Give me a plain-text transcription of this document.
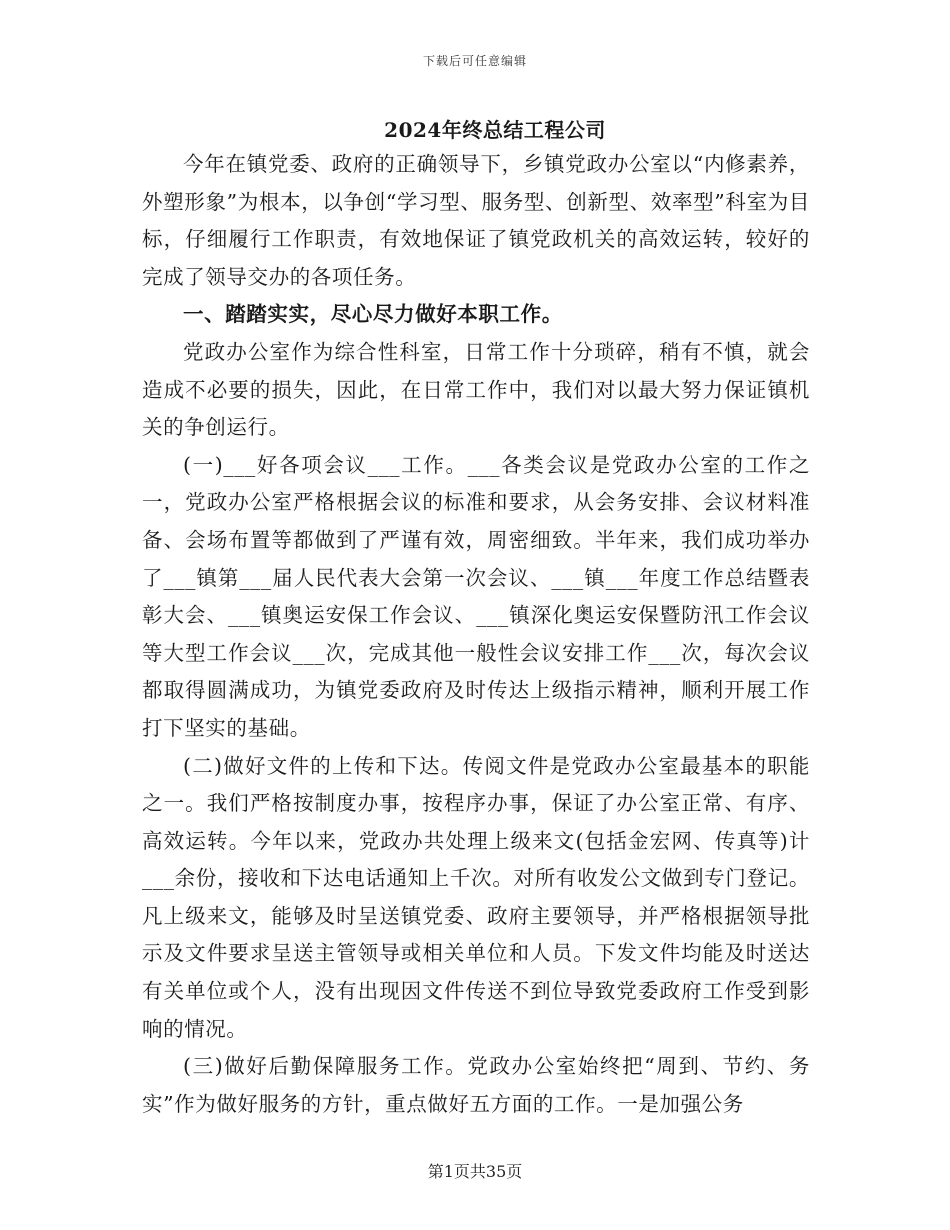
下载后可任意编辑
2024年终总结工程公司

今年在镇党委、政府的正确领导下，乡镇党政办公室以“内修素养，外塑形象”为根本，以争创“学习型、服务型、创新型、效率型”科室为目标，仔细履行工作职责，有效地保证了镇党政机关的高效运转，较好的完成了领导交办的各项任务。

一、踏踏实实，尽心尽力做好本职工作。

党政办公室作为综合性科室，日常工作十分琐碎，稍有不慎，就会造成不必要的损失，因此，在日常工作中，我们对以最大努力保证镇机关的争创运行。

(一)___好各项会议___工作。___各类会议是党政办公室的工作之一，党政办公室严格根据会议的标准和要求，从会务安排、会议材料准备、会场布置等都做到了严谨有效，周密细致。半年来，我们成功举办了___镇第___届人民代表大会第一次会议、___镇___年度工作总结暨表彰大会、___镇奥运安保工作会议、___镇深化奥运安保暨防汛工作会议等大型工作会议___次，完成其他一般性会议安排工作___次，每次会议都取得圆满成功，为镇党委政府及时传达上级指示精神，顺利开展工作打下坚实的基础。

(二)做好文件的上传和下达。传阅文件是党政办公室最基本的职能之一。我们严格按制度办事，按程序办事，保证了办公室正常、有序、高效运转。今年以来，党政办共处理上级来文(包括金宏网、传真等)计___余份，接收和下达电话通知上千次。对所有收发公文做到专门登记。凡上级来文，能够及时呈送镇党委、政府主要领导，并严格根据领导批示及文件要求呈送主管领导或相关单位和人员。下发文件均能及时送达有关单位或个人，没有出现因文件传送不到位导致党委政府工作受到影响的情况。

(三)做好后勤保障服务工作。党政办公室始终把“周到、节约、务实”作为做好服务的方针，重点做好五方面的工作。一是加强公务

第1页共35页
